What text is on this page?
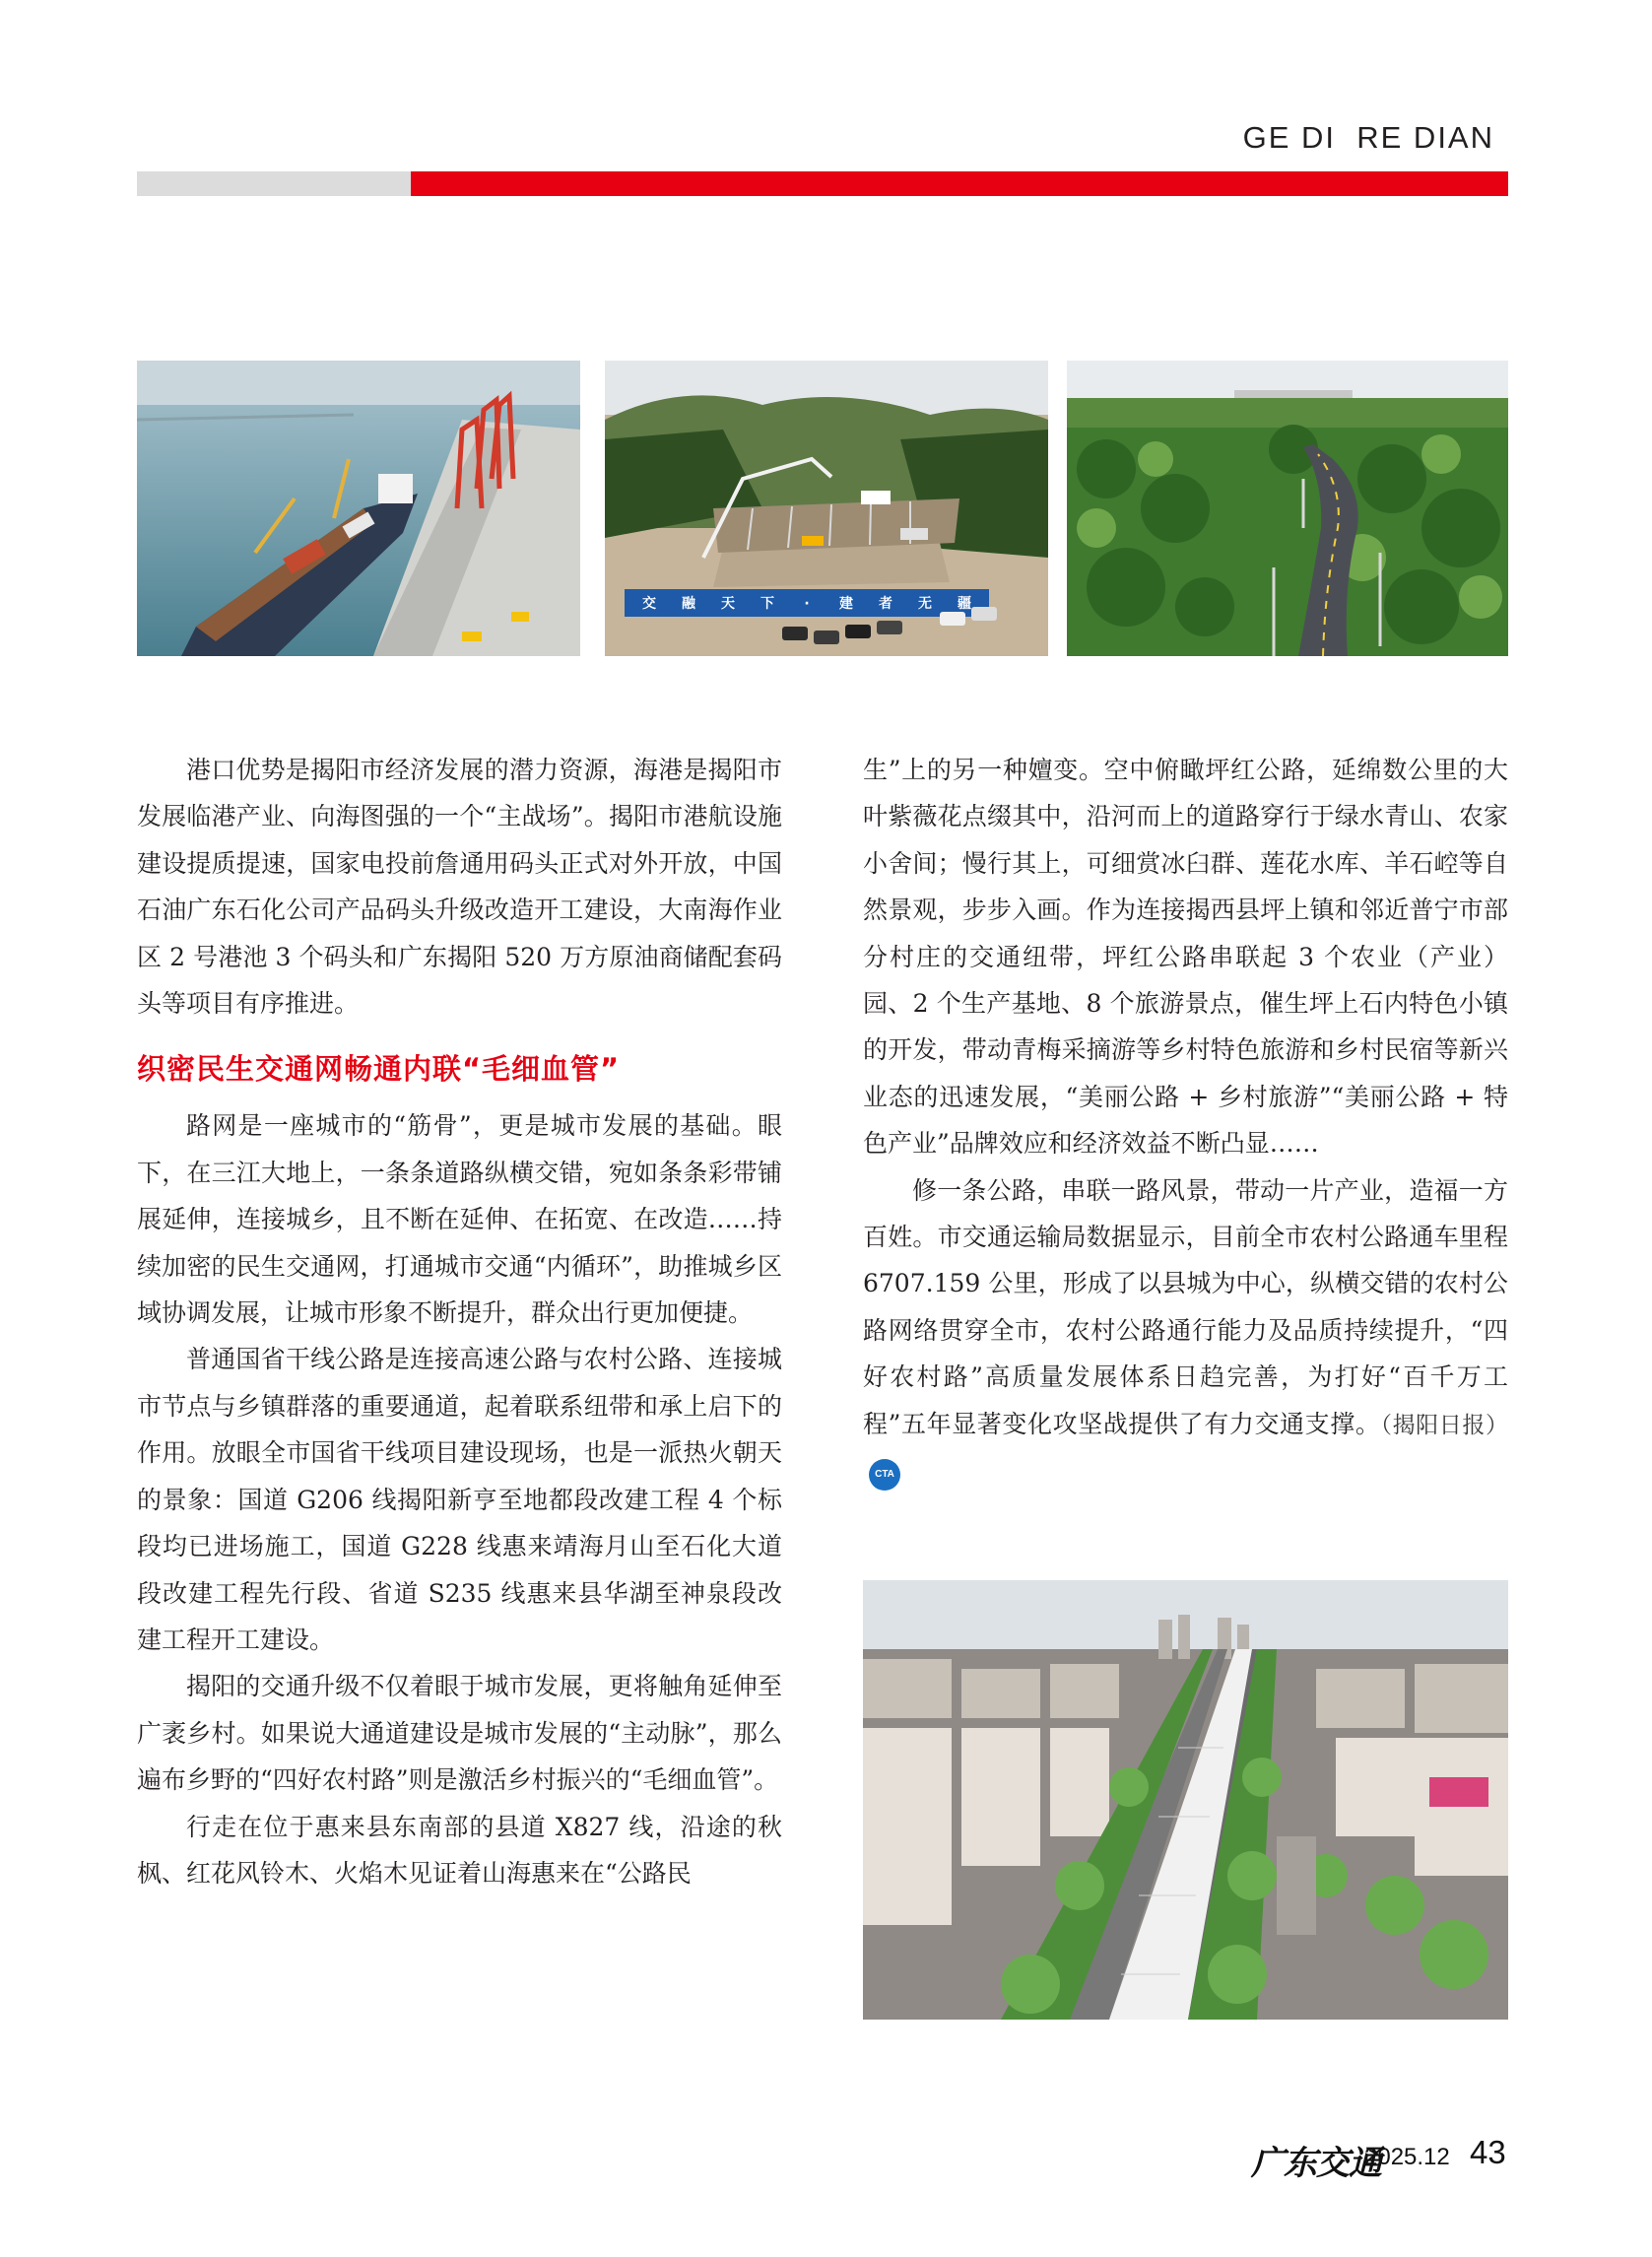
GE DI  RE DIAN
交 融 天 下 · 建 者 无 疆

港口优势是揭阳市经济发展的潜力资源，海港是揭阳市发展临港产业、向海图强的一个“主战场”。揭阳市港航设施建设提质提速，国家电投前詹通用码头正式对外开放，中国石油广东石化公司产品码头升级改造开工建设，大南海作业区 2 号港池 3 个码头和广东揭阳 520 万方原油商储配套码头等项目有序推进。

织密民生交通网畅通内联“毛细血管”

路网是一座城市的“筋骨”，更是城市发展的基础。眼下，在三江大地上，一条条道路纵横交错，宛如条条彩带铺展延伸，连接城乡，且不断在延伸、在拓宽、在改造……持续加密的民生交通网，打通城市交通“内循环”，助推城乡区域协调发展，让城市形象不断提升，群众出行更加便捷。

普通国省干线公路是连接高速公路与农村公路、连接城市节点与乡镇群落的重要通道，起着联系纽带和承上启下的作用。放眼全市国省干线项目建设现场，也是一派热火朝天的景象：国道 G206 线揭阳新亨至地都段改建工程 4 个标段均已进场施工，国道 G228 线惠来靖海月山至石化大道段改建工程先行段、省道 S235 线惠来县华湖至神泉段改建工程开工建设。

揭阳的交通升级不仅着眼于城市发展，更将触角延伸至广袤乡村。如果说大通道建设是城市发展的“主动脉”，那么遍布乡野的“四好农村路”则是激活乡村振兴的“毛细血管”。

行走在位于惠来县东南部的县道 X827 线，沿途的秋枫、红花风铃木、火焰木见证着山海惠来在“公路民

生”上的另一种嬗变。空中俯瞰坪红公路，延绵数公里的大叶紫薇花点缀其中，沿河而上的道路穿行于绿水青山、农家小舍间；慢行其上，可细赏冰臼群、莲花水库、羊石崆等自然景观，步步入画。作为连接揭西县坪上镇和邻近普宁市部分村庄的交通纽带，坪红公路串联起 3 个农业（产业）园、2 个生产基地、8 个旅游景点，催生坪上石内特色小镇的开发，带动青梅采摘游等乡村特色旅游和乡村民宿等新兴业态的迅速发展，“美丽公路 + 乡村旅游”“美丽公路 + 特色产业”品牌效应和经济效益不断凸显……

修一条公路，串联一路风景，带动一片产业，造福一方百姓。市交通运输局数据显示，目前全市农村公路通车里程 6707.159 公里，形成了以县城为中心，纵横交错的农村公路网络贯穿全市，农村公路通行能力及品质持续提升，“四好农村路”高质量发展体系日趋完善，为打好“百千万工程”五年显著变化攻坚战提供了有力交通支撑。（揭阳日报）CTA

广东交通
2025.12 43
